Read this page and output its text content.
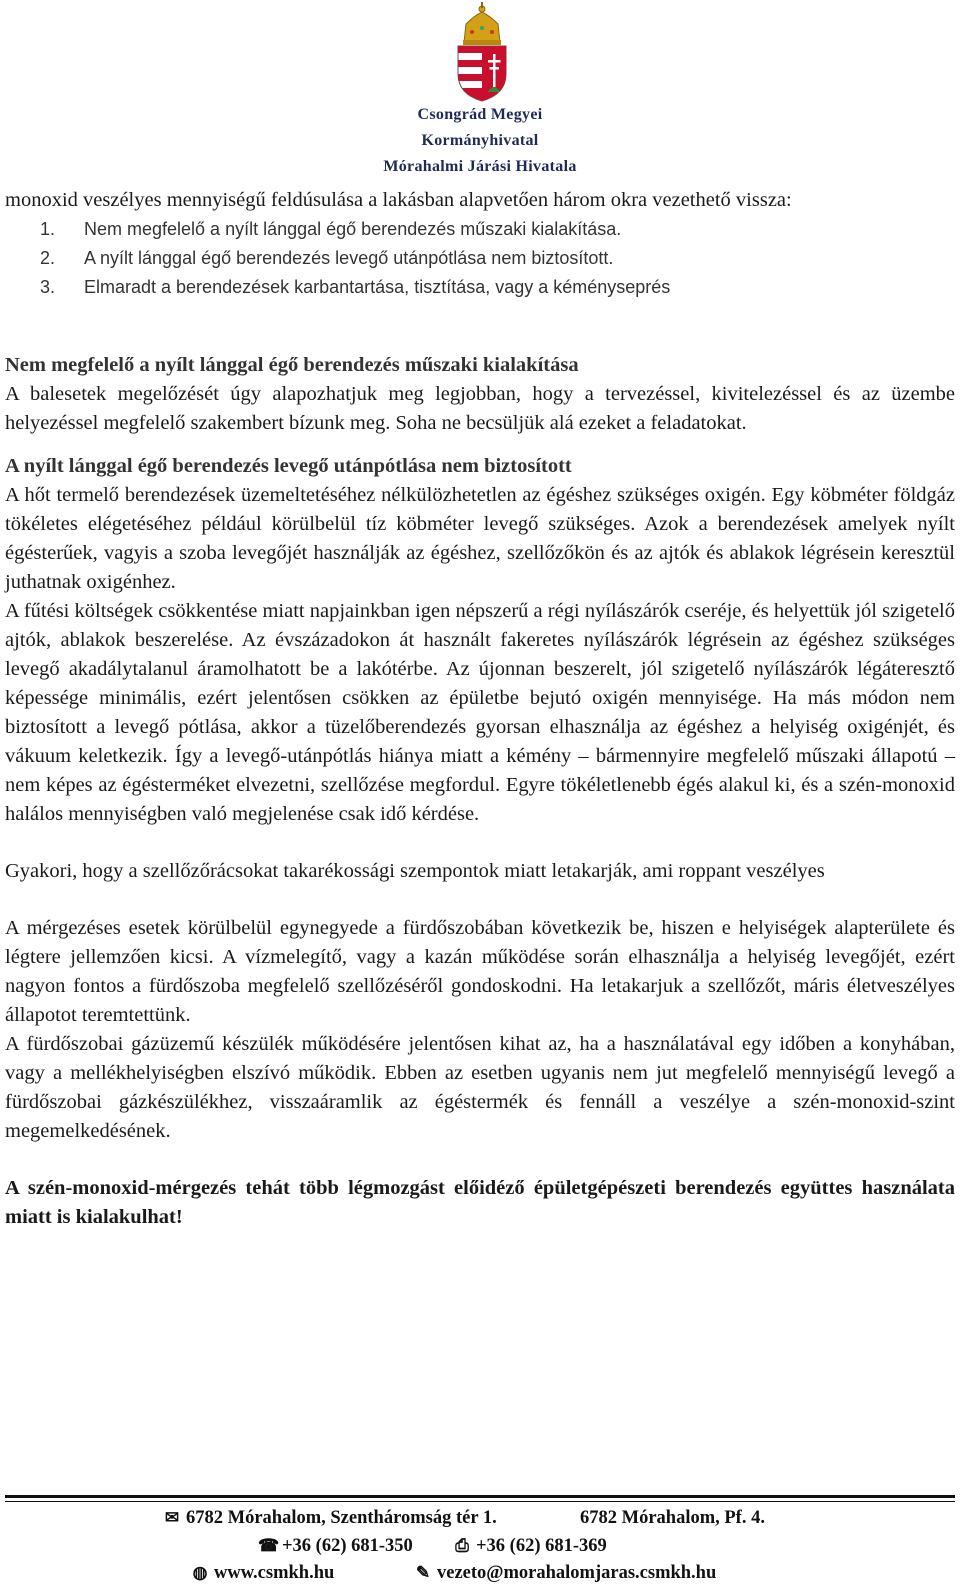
Csongrád Megyei
Kormányhivatal
Mórahalmi Járási Hivatala

monoxid veszélyes mennyiségű feldúsulása a lakásban alapvetően három okra vezethető vissza:

1. Nem megfelelő a nyílt lánggal égő berendezés műszaki kialakítása.
2. A nyílt lánggal égő berendezés levegő utánpótlása nem biztosított.
3. Elmaradt a berendezések karbantartása, tisztítása, vagy a kéményseprés

Nem megfelelő a nyílt lánggal égő berendezés műszaki kialakítása

A balesetek megelőzését úgy alapozhatjuk meg legjobban, hogy a tervezéssel, kivitelezéssel és az üzembe helyezéssel megfelelő szakembert bízunk meg. Soha ne becsüljük alá ezeket a feladatokat.

A nyílt lánggal égő berendezés levegő utánpótlása nem biztosított

A hőt termelő berendezések üzemeltetéséhez nélkülözhetetlen az égéshez szükséges oxigén. Egy köbméter földgáz tökéletes elégetéséhez például körülbelül tíz köbméter levegő szükséges. Azok a berendezések amelyek nyílt égésterűek, vagyis a szoba levegőjét használják az égéshez, szellőzőkön és az ajtók és ablakok légrésein keresztül juthatnak oxigénhez.

A fűtési költségek csökkentése miatt napjainkban igen népszerű a régi nyílászárók cseréje, és helyettük jól szigetelő ajtók, ablakok beszerelése. Az évszázadokon át használt fakeretes nyílászárók légrésein az égéshez szükséges levegő akadálytalanul áramolhatott be a lakótérbe. Az újonnan beszerelt, jól szigetelő nyílászárók légáteresztő képessége minimális, ezért jelentősen csökken az épületbe bejutó oxigén mennyisége. Ha más módon nem biztosított a levegő pótlása, akkor a tüzelőberendezés gyorsan elhasználja az égéshez a helyiség oxigénjét, és vákuum keletkezik. Így a levegő-utánpótlás hiánya miatt a kémény – bármennyire megfelelő műszaki állapotú – nem képes az égésterméket elvezetni, szellőzése megfordul. Egyre tökéletlenebb égés alakul ki, és a szén-monoxid halálos mennyiségben való megjelenése csak idő kérdése.

Gyakori, hogy a szellőzőrácsokat takarékossági szempontok miatt letakarják, ami roppant veszélyes

A mérgezéses esetek körülbelül egynegyede a fürdőszobában következik be, hiszen e helyiségek alapterülete és légtere jellemzően kicsi. A vízmelegítő, vagy a kazán működése során elhasználja a helyiség levegőjét, ezért nagyon fontos a fürdőszoba megfelelő szellőzéséről gondoskodni. Ha letakarjuk a szellőzőt, máris életveszélyes állapotot teremtettünk.

A fürdőszobai gázüzemű készülék működésére jelentősen kihat az, ha a használatával egy időben a konyhában, vagy a mellékhelyiségben elszívó működik. Ebben az esetben ugyanis nem jut megfelelő mennyiségű levegő a fürdőszobai gázkészülékhez, visszaáramlik az égéstermék és fennáll a veszélye a szén-monoxid-szint megemelkedésének.

A szén-monoxid-mérgezés tehát több légmozgást előidéző épületgépészeti berendezés együttes használata miatt is kialakulhat!

✉ 6782 Mórahalom, Szentháromság tér 1.	6782 Mórahalom, Pf. 4.
☎ +36 (62) 681-350 ⎙ +36 (62) 681-369
◍ www.csmkh.hu	✎ vezeto@morahalomjaras.csmkh.hu
